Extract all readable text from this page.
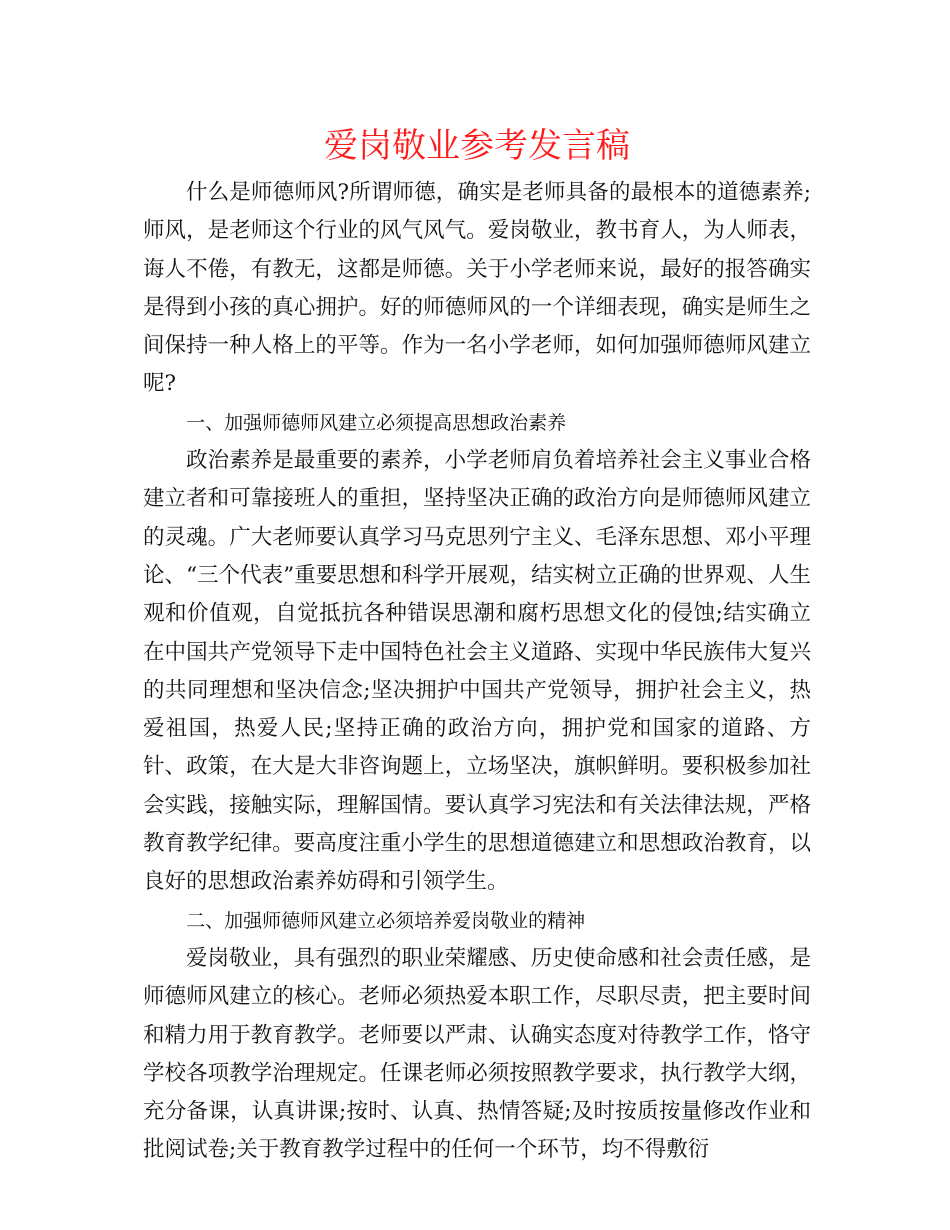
爱岗敬业参考发言稿

什么是师德师风?所谓师德，确实是老师具备的最根本的道德素养;师风，是老师这个行业的风气风气。爱岗敬业，教书育人，为人师表，诲人不倦，有教无，这都是师德。关于小学老师来说，最好的报答确实是得到小孩的真心拥护。好的师德师风的一个详细表现，确实是师生之间保持一种人格上的平等。作为一名小学老师，如何加强师德师风建立呢?

一、加强师德师风建立必须提高思想政治素养

政治素养是最重要的素养，小学老师肩负着培养社会主义事业合格建立者和可靠接班人的重担，坚持坚决正确的政治方向是师德师风建立的灵魂。广大老师要认真学习马克思列宁主义、毛泽东思想、邓小平理论、“三个代表”重要思想和科学开展观，结实树立正确的世界观、人生观和价值观，自觉抵抗各种错误思潮和腐朽思想文化的侵蚀;结实确立在中国共产党领导下走中国特色社会主义道路、实现中华民族伟大复兴的共同理想和坚决信念;坚决拥护中国共产党领导，拥护社会主义，热爱祖国，热爱人民;坚持正确的政治方向，拥护党和国家的道路、方针、政策，在大是大非咨询题上，立场坚决，旗帜鲜明。要积极参加社会实践，接触实际，理解国情。要认真学习宪法和有关法律法规，严格教育教学纪律。要高度注重小学生的思想道德建立和思想政治教育，以良好的思想政治素养妨碍和引领学生。

二、加强师德师风建立必须培养爱岗敬业的精神

爱岗敬业，具有强烈的职业荣耀感、历史使命感和社会责任感，是师德师风建立的核心。老师必须热爱本职工作，尽职尽责，把主要时间和精力用于教育教学。老师要以严肃、认确实态度对待教学工作，恪守学校各项教学治理规定。任课老师必须按照教学要求，执行教学大纲，充分备课，认真讲课;按时、认真、热情答疑;及时按质按量修改作业和批阅试卷;关于教育教学过程中的任何一个环节，均不得敷衍
